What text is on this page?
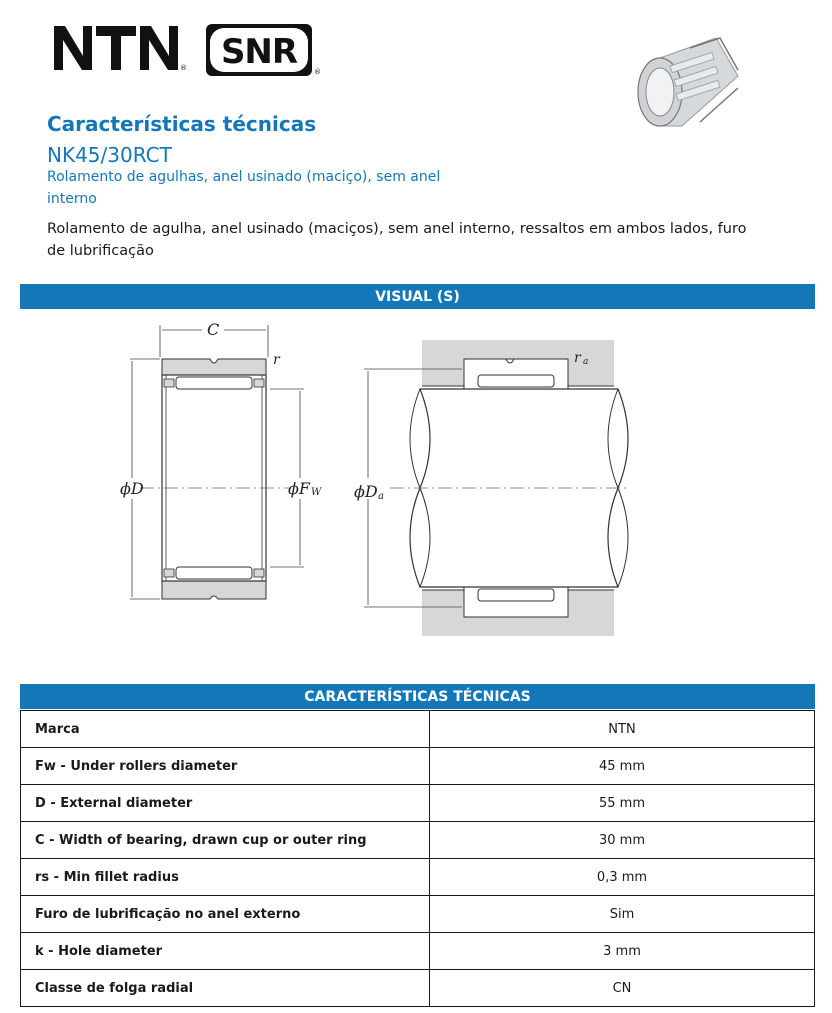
® SNR ®
Características técnicas
NK45/30RCT
Rolamento de agulhas, anel usinado (maciço), sem anel interno
Rolamento de agulha, anel usinado (maciços), sem anel interno, ressaltos em ambos lados, furo de lubrificação
VISUAL (S)
C
r
ϕD	ϕF W
r a
ϕD a
CARACTERÍSTICAS TÉCNICAS
Marca	NTN
Fw - Under rollers diameter	45 mm
D - External diameter	55 mm
C - Width of bearing, drawn cup or outer ring	30 mm
rs - Min fillet radius	0,3 mm
Furo de lubrificação no anel externo	Sim
k - Hole diameter	3 mm
Classe de folga radial	CN
